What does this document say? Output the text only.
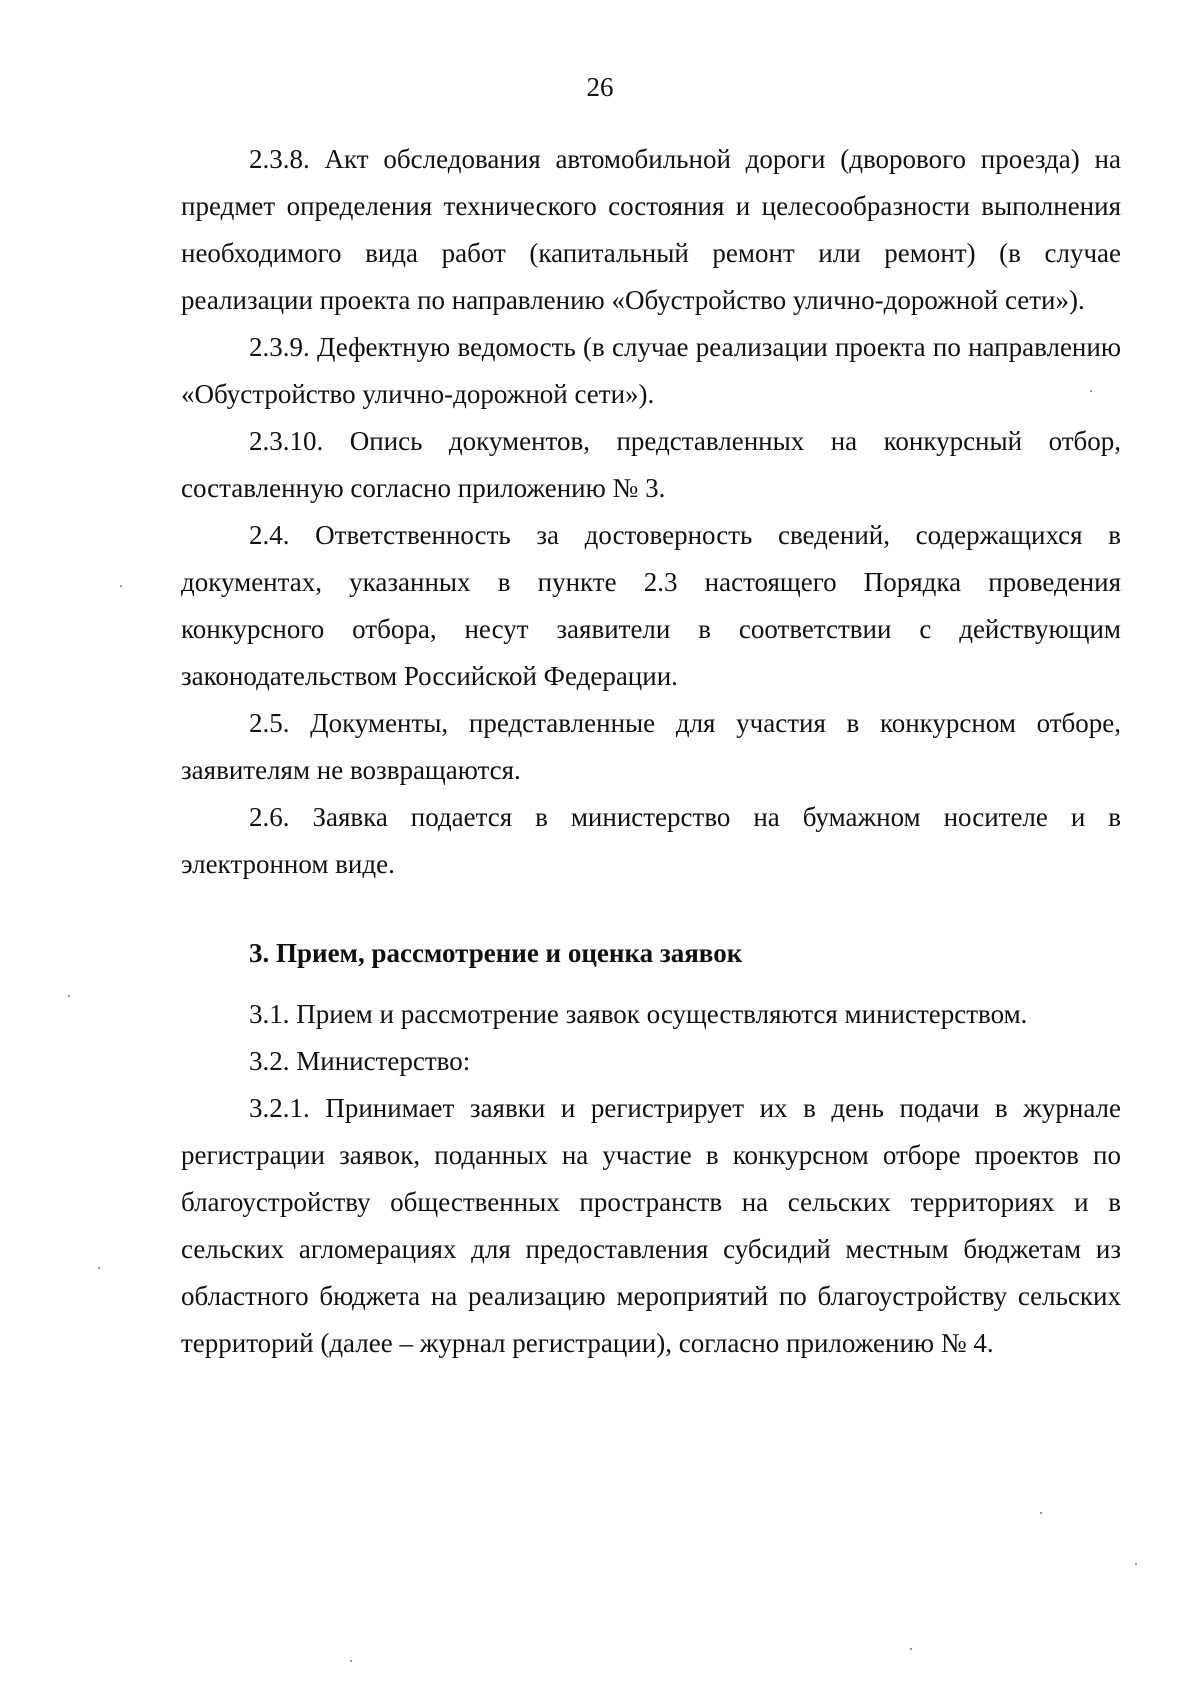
26

2.3.8. Акт обследования автомобильной дороги (дворового проезда) на предмет определения технического состояния и целесообразности выполнения необходимого вида работ (капитальный ремонт или ремонт) (в случае реализации проекта по направлению «Обустройство улично-дорожной сети»).

2.3.9. Дефектную ведомость (в случае реализации проекта по направлению «Обустройство улично-дорожной сети»).

2.3.10. Опись документов, представленных на конкурсный отбор, составленную согласно приложению № 3.

2.4. Ответственность за достоверность сведений, содержащихся в документах, указанных в пункте 2.3 настоящего Порядка проведения конкурсного отбора, несут заявители в соответствии с действующим законодательством Российской Федерации.

2.5. Документы, представленные для участия в конкурсном отборе, заявителям не возвращаются.

2.6. Заявка подается в министерство на бумажном носителе и в электронном виде.

3. Прием, рассмотрение и оценка заявок

3.1. Прием и рассмотрение заявок осуществляются министерством.

3.2. Министерство:

3.2.1. Принимает заявки и регистрирует их в день подачи в журнале регистрации заявок, поданных на участие в конкурсном отборе проектов по благоустройству общественных пространств на сельских территориях и в сельских агломерациях для предоставления субсидий местным бюджетам из областного бюджета на реализацию мероприятий по благоустройству сельских территорий (далее – журнал регистрации), согласно приложению № 4.
